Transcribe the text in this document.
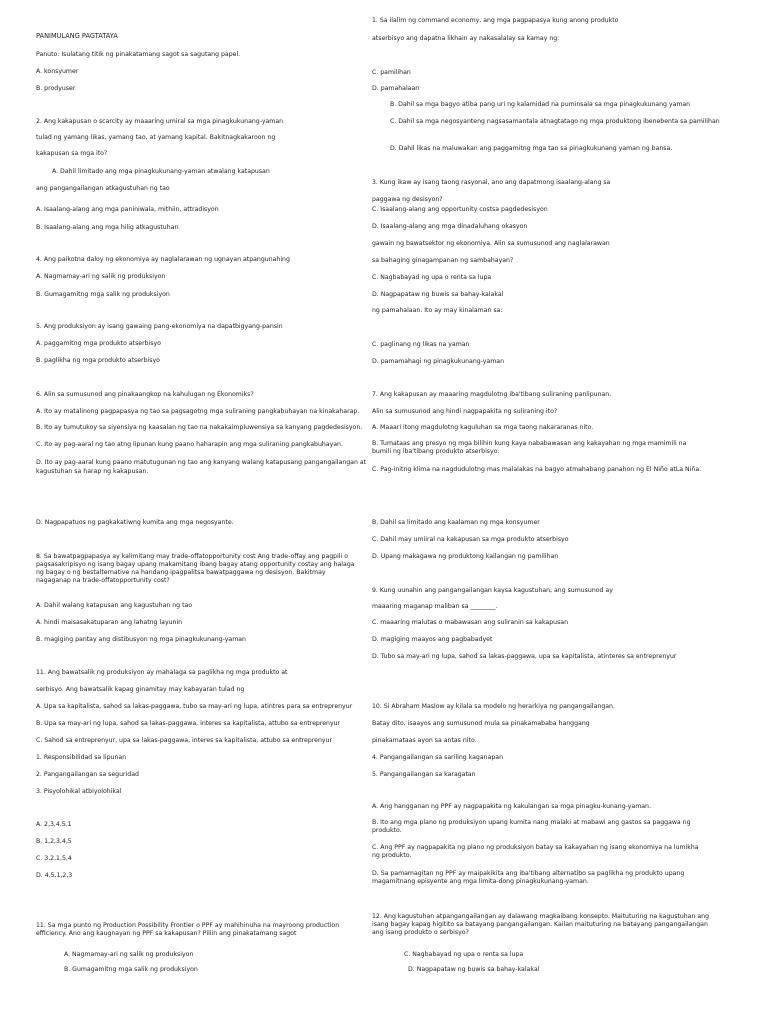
PANIMULANG PAGTATAYA
Panuto: Isulatang titik ng pinakatamang sagot sa sagutang papel.
A. konsyumer
B. prodyuser
2. Ang kakapusan o scarcity ay maaaring umiral sa mga pinagkukunang-yaman
tulad ng yamang likas, yamang tao, at yamang kapital. Bakitnagkakaroon ng
kakapusan sa mga ito?
A. Dahil limitado ang mga pinagkukunang-yaman atwalang katapusan
ang pangangailangan atkagustuhan ng tao
A. Isaalang-alang ang mga paniniwala, mithiin, attradisyon
B. Isaalang-alang ang mga hilig atkagustuhan
4. Ang paikotna daloy ng ekonomiya ay naglalarawan ng ugnayan atpangunahing
A. Nagmamay-ari ng salik ng produksiyon
B. Gumagamitng mga salik ng produksiyon
5. Ang produksiyon ay isang gawaing pang-ekonomiya na dapatbigyang-pansin
A. paggamitng mga produkto atserbisyo
B. paglikha ng mga produkto atserbisyo
6. Alin sa sumusunod ang pinakaangkop na kahulugan ng Ekonomiks?
A. Ito ay matalinong pagpapasya ng tao sa pagsagotng mga suliraning pangkabuhayan na kinakaharap.
B. Ito ay tumutukoy sa siyensiya ng kaasalan ng tao na nakakaimpluwensiya sa kanyang pagdedesisyon.
C. Ito ay pag-aaral ng tao atng lipunan kung paano haharapin ang mga suliraning pangkabuhayan.
D. Ito ay pag-aaral kung paano matutugunan ng tao ang kanyang walang katapusang pangangailangan at
kagustuhan sa harap ng kakapusan.
D. Nagpapatuos ng pagkakatiwng kumita ang mga negosyante.
8. Sa bawatpagpapasya ay kalimitang may trade-offatopportunity cost Ang trade-offay ang pagpili o pagsasakripisyo ng isang bagay upang makamitang ibang bagay atang opportunity costay ang halaga ng bagay o ng bestalternative na handang ipagpalitsa bawatpaggawa ng desisyon. Bakitmay nagaganap na trade-offatopportunity cost?
A. Dahil walang katapusan ang kagustuhan ng tao
A. hindi maisasakatuparan ang lahatng layunin
B. magiging pantay ang distibusyon ng mga pinagkukunang-yaman
11. Ang bawatsalik ng produksiyon ay mahalaga sa paglikha ng mga produkto at
serbisyo. Ang bawatsalik kapag ginamitay may kabayaran tulad ng
A. Upa sa kapitalista, sahod sa lakas-paggawa, tubo sa may-ari ng lupa, atintres para sa entreprenyur
B. Upa sa may-ari ng lupa, sahod sa lakas-paggawa, interes sa kapitalista, attubo sa entreprenyur
C. Sahod sa entreprenyur, upa sa lakas-paggawa, interes sa kapitalista, attubo sa entreprenyur
1. Responsibilidad sa lipunan
2. Pangangailangan sa seguridad
3. Pisyolohikal atbiyolohikal
A. 2,3,4,5,1
B. 1,2,3,4,5
C. 3,2,1,5,4
D. 4,5,1,2,3
11. Sa mga punto ng Production Possibility Frontier o PPF ay mahihinuha na mayroong production efficiency. Ano ang kaugnayan ng PPF sa kakapusan? Piliin ang pinakatamang sagot
A. Nagmamay-ari ng salik ng produksiyon
B. Gumagamitng mga salik ng produksiyon
1. Sa ilalim ng command economy, ang mga pagpapasya kung anong produkto
atserbisyo ang dapatna likhain ay nakasalalay sa kamay ng:
C. pamilihan
D. pamahalaan
B. Dahil sa mga bagyo atiba pang uri ng kalamidad na puminsala sa mga pinagkukunang yaman
C. Dahil sa mga negosyanteng nagsasamantala atnagtatago ng mga produktong ibenebenta sa pamilihan
D. Dahil likas na maluwakan ang paggamitng mga tao sa pinagkukunang yaman ng bansa.
3. Kung ikaw ay isang taong rasyonal, ano ang dapatmong isaalang-alang sa
paggawa ng desisyon?
C. Isaalang-alang ang opportunity costsa pagdedesisyon
D. Isaalang-alang ang mga dinadaluhang okasyon
gawain ng bawatsektor ng ekonomiya. Alin sa sumusunod ang naglalarawan
sa bahaging ginagampanan ng sambahayan?
C. Nagbabayad ng upa o renta sa lupa
D. Nagpapataw ng buwis sa bahay-kalakal
ng pamahalaan. Ito ay may kinalaman sa:
C. paglinang ng likas na yaman
D. pamamahagi ng pinagkukunang-yaman
7. Ang kakapusan ay maaaring magdulotng iba'tibang suliraning panlipunan.
Alin sa sumusunod ang hindi nagpapakita ng suliraning ito?
A. Maaari itong magdulotng kaguluhan sa mga taong nakararanas nito.
B. Tumataas ang presyo ng mga bilihin kung kaya nababawasan ang kakayahan ng mga mamimili na bumili ng iba'tibang produkto atserbisyo.
C. Pag-initng klima na nagdudulotng mas malalakas na bagyo atmahabang panahon ng El Niño atLa Niña.
B. Dahil sa limitado ang kaalaman ng mga konsyumer
C. Dahil may umiiral na kakapusan sa mga produkto atserbisyo
D. Upang makagawa ng produktong kailangan ng pamilihan
9. Kung uunahin ang pangangailangan kaysa kagustuhan, ang sumusunod ay
maaaring maganap maliban sa ________.
C. maaaring malutas o mabawasan ang suliranin sa kakapusan
D. magiging maayos ang pagbabadyet
D. Tubo sa may-ari ng lupa, sahod sa lakas-paggawa, upa sa kapitalista, atinteres sa entreprenyur
10. Si Abraham Maslow ay kilala sa modelo ng herarkiya ng pangangailangan.
Batay dito, isaayos ang sumusunod mula sa pinakamababa hanggang
pinakamataas ayon sa antas nito.
4. Pangangailangan sa sariling kaganapan
5. Pangangailangan sa karagatan
A. Ang hangganan ng PPF ay nagpapakita ng kakulangan sa mga pinagku-kunang-yaman.
B. Ito ang mga plano ng produksiyon upang kumita nang malaki at mabawi ang gastos sa paggawa ng produkto.
C. Ang PPF ay nagpapakita ng plano ng produksiyon batay sa kakayahan ng isang ekonomiya na lumikha ng produkto.
D. Sa pamamagitan ng PPF ay maipakikita ang iba'tibang alternatibo sa paglikha ng produkto upang magamitnang episyente ang mga limita-dong pinagkukunang-yaman.
12. Ang kagustuhan atpangangailangan ay dalawang magkaibang konsepto. Maituturing na kagustuhan ang isang bagay kapag higitito sa batayang pangangailangan. Kailan maituturing na batayang pangangailangan ang isang produkto o serbisyo?
C. Nagbabayad ng upa o renta sa lupa
D. Nagpapataw ng buwis sa bahay-kalakal
